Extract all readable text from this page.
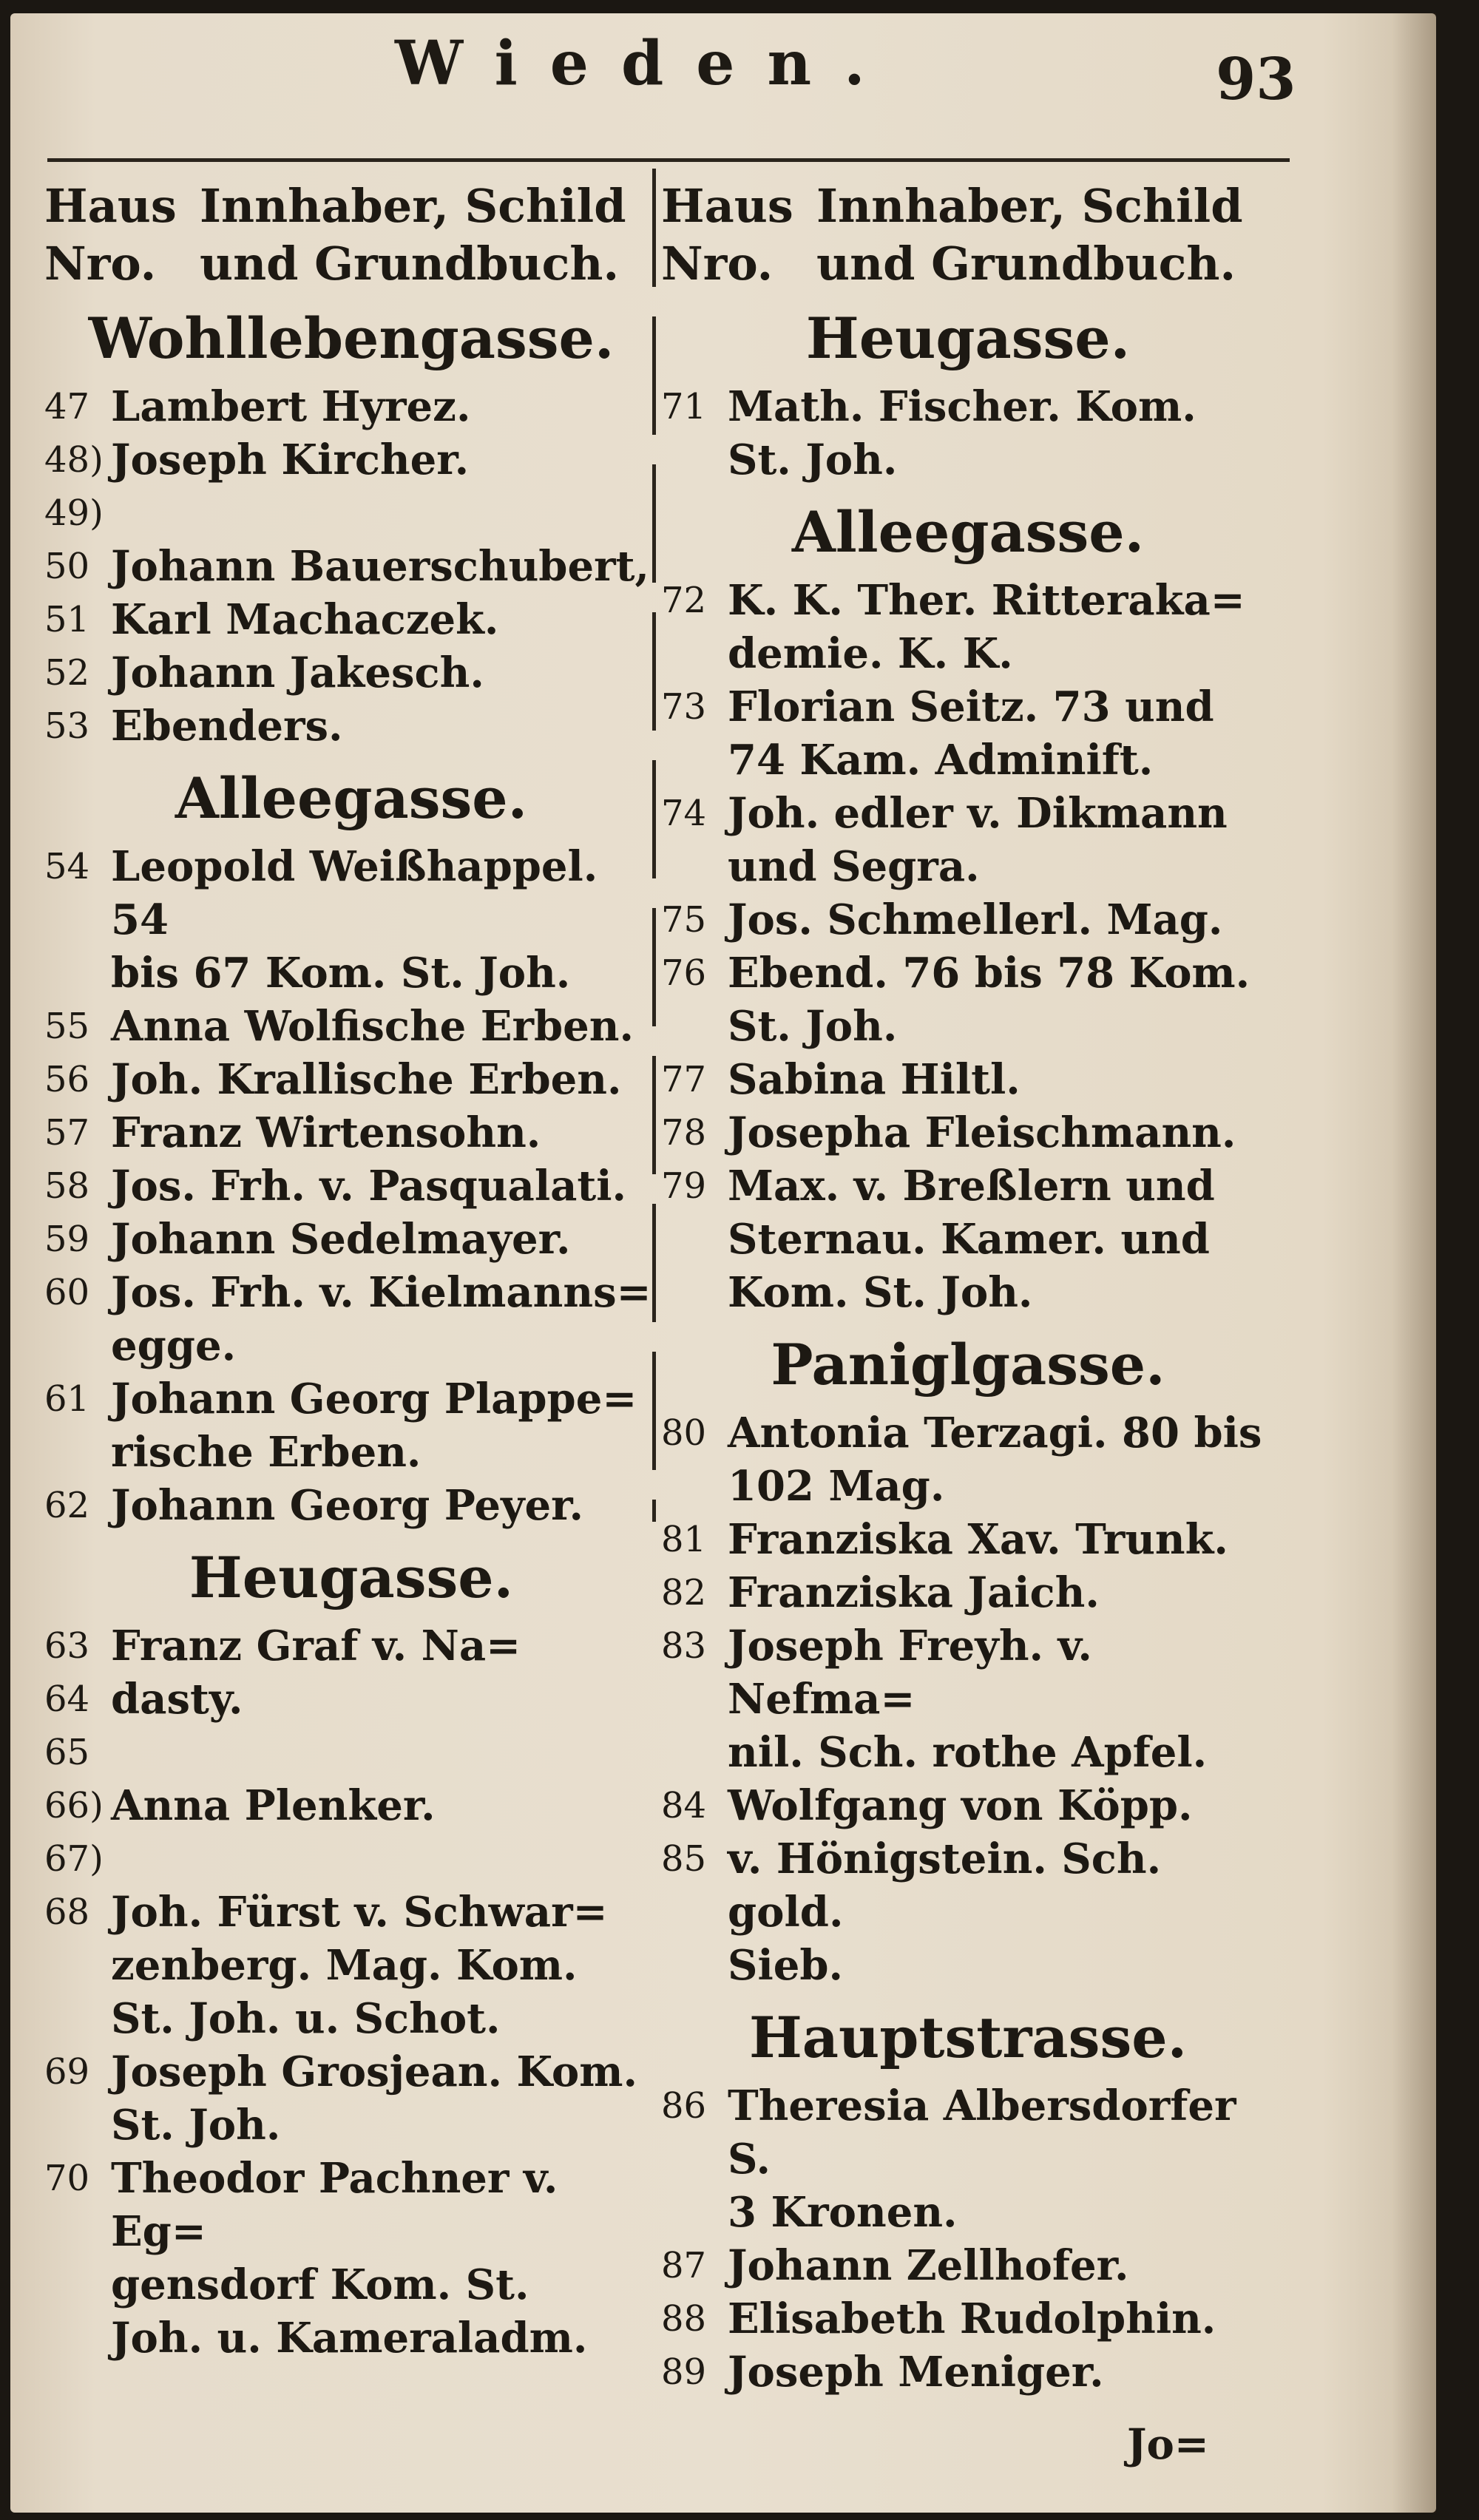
Wieden.	93
Haus
Nro.
Innhaber, Schild
und Grundbuch.
Wohllebengasse.
47 Lambert Hyrez.
48)
49)
Joseph Kircher.
50 Johann Bauerschubert,
51 Karl Machaczek.
52 Johann Jakesch.
53 Ebenders.
Alleegasse.
54 Leopold Weißhappel. 54
bis 67 Kom. St. Joh.
55 Anna Wolfische Erben.
56 Joh. Krallische Erben.
57 Franz Wirtensohn.
58 Jos. Frh. v. Pasqualati.
59 Johann Sedelmayer.
60 Jos. Frh. v. Kielmanns=
egge.
61 Johann Georg Plappe=
rische Erben.
62 Johann Georg Peyer.
Heugasse.
63
64
65
Franz Graf v. Na=
dasty.
66)
67)
Anna Plenker.
68 Joh. Fürst v. Schwar=
zenberg. Mag. Kom.
St. Joh. u. Schot.
69 Joseph Grosjean. Kom.
St. Joh.
70 Theodor Pachner v. Eg=
gensdorf Kom. St.
Joh. u. Kameraladm.
Haus
Nro.
Innhaber, Schild
und Grundbuch.
Heugasse.
71 Math. Fischer. Kom.
St. Joh.
Alleegasse.
72 K. K. Ther. Ritteraka=
demie. K. K.
73 Florian Seitz. 73 und
74 Kam. Adminift.
74 Joh. edler v. Dikmann
und Segra.
75 Jos. Schmellerl. Mag.
76 Ebend. 76 bis 78 Kom.
St. Joh.
77 Sabina Hiltl.
78 Josepha Fleischmann.
79 Max. v. Breßlern und
Sternau. Kamer. und
Kom. St. Joh.
Paniglgasse.
80 Antonia Terzagi. 80 bis
102 Mag.
81 Franziska Xav. Trunk.
82 Franziska Jaich.
83 Joseph Freyh. v. Nefma=
nil. Sch. rothe Apfel.
84 Wolfgang von Köpp.
85 v. Hönigstein. Sch. gold.
Sieb.
Hauptstrasse.
86 Theresia Albersdorfer S.
3 Kronen.
87 Johann Zellhofer.
88 Elisabeth Rudolphin.
89 Joseph Meniger.
Jo=
